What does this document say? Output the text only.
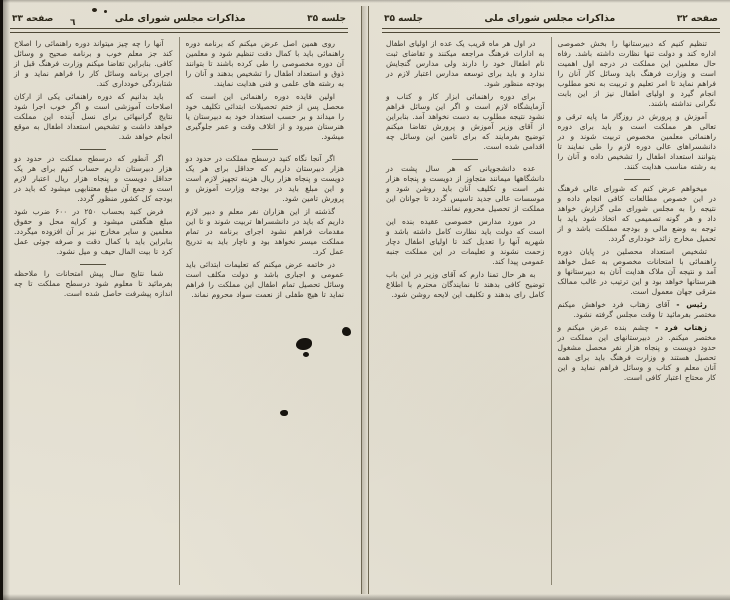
صفحه ۳۲
مذاکرات مجلس شورای ملی
جلسه ۳۵

تنظیم کنیم که دبیرستانها را بخش خصوصی اداره کند و دولت تنها نظارت داشته باشد. رفاه حال معلمین این مملکت در درجه اول اهمیت است و وزارت فرهنگ باید وسائل کار آنان را فراهم نماید تا امر تعلیم و تربیت به نحو مطلوب انجام گیرد و اولیای اطفال نیز از این بابت نگرانی نداشته باشند.

آموزش و پرورش در روزگار ما پایه ترقی و تعالی هر مملکت است و باید برای دوره راهنمائی معلمین مخصوص تربیت شوند و در دانشسراهای عالی دوره لازم را طی نمایند تا بتوانند استعداد اطفال را تشخیص داده و آنان را به رشته مناسب هدایت کنند.

میخواهم عرض کنم که شورای عالی فرهنگ در این خصوص مطالعات کافی انجام داده و نتیجه را به مجلس شورای ملی گزارش خواهد داد و هر گونه تصمیمی که اتخاذ شود باید با توجه به وضع مالی و بودجه مملکت باشد و از تحمیل مخارج زائد خودداری گردد.

تشخیص استعداد محصلین در پایان دوره راهنمائی با امتحانات مخصوص به عمل خواهد آمد و نتیجه آن ملاک هدایت آنان به دبیرستانها و هنرستانها خواهد بود و این ترتیب در غالب ممالک مترقی جهان معمول است.

رئیس - آقای زهتاب فرد خواهش میکنم مختصر بفرمائید تا وقت مجلس گرفته نشود.

زهتاب فرد - چشم بنده عرض میکنم و مختصر میکنم. در دبیرستانهای این مملکت در حدود دویست و پنجاه هزار نفر محصل مشغول تحصیل هستند و وزارت فرهنگ باید برای همه آنان معلم و کتاب و وسائل فراهم نماید و این کار محتاج اعتبار کافی است.

در اول هر ماه قریب یک عده از اولیای اطفال به ادارات فرهنگ مراجعه میکنند و تقاضای ثبت نام اطفال خود را دارند ولی مدارس گنجایش ندارد و باید برای توسعه مدارس اعتبار لازم در بودجه منظور شود.

برای دوره راهنمائی ابزار کار و کتاب و آزمایشگاه لازم است و اگر این وسائل فراهم نشود نتیجه مطلوب به دست نخواهد آمد. بنابراین از آقای وزیر آموزش و پرورش تقاضا میکنم توضیح بفرمایند که برای تامین این وسائل چه اقدامی شده است.

عده دانشجویانی که هر سال پشت در دانشگاهها میمانند متجاوز از دویست و پنجاه هزار نفر است و تکلیف آنان باید روشن شود و موسسات عالی جدید تاسیس گردد تا جوانان این مملکت از تحصیل محروم نمانند.

در مورد مدارس خصوصی عقیده بنده این است که دولت باید نظارت کامل داشته باشد و شهریه آنها را تعدیل کند تا اولیای اطفال دچار زحمت نشوند و تعلیمات در این مملکت جنبه عمومی پیدا کند.

به هر حال تمنا دارم که آقای وزیر در این باب توضیح کافی بدهند تا نمایندگان محترم با اطلاع کامل رای بدهند و تکلیف این لایحه روشن شود.

جلسه ۳۵
مذاکرات مجلس شورای ملی
صفحه ۳۳ ٦

روی همین اصل عرض میکنم که برنامه دوره راهنمائی باید با کمال دقت تنظیم شود و معلمین آن دوره مخصوصی را طی کرده باشند تا بتوانند ذوق و استعداد اطفال را تشخیص بدهند و آنان را به رشته های علمی و فنی هدایت نمایند.

اولین فایده دوره راهنمائی این است که محصل پس از ختم تحصیلات ابتدائی تکلیف خود را میداند و بر حسب استعداد خود به دبیرستان یا هنرستان میرود و از اتلاف وقت و عمر جلوگیری میشود.

اگر آنجا نگاه کنید درسطح مملکت در حدود دو هزار دبیرستان داریم که حداقل برای هر یک دویست و پنجاه هزار ریال هزینه تجهیز لازم است و این مبلغ باید در بودجه وزارت آموزش و پرورش تامین شود.

گذشته از این هزاران نفر معلم و دبیر لازم داریم که باید در دانشسراها تربیت شوند و تا این مقدمات فراهم نشود اجرای برنامه در تمام مملکت میسر نخواهد بود و ناچار باید به تدریج عمل کرد.

در خاتمه عرض میکنم که تعلیمات ابتدائی باید عمومی و اجباری باشد و دولت مکلف است وسائل تحصیل تمام اطفال این مملکت را فراهم نماید تا هیچ طفلی از نعمت سواد محروم نماند.

آنها را چه چیز میتواند دوره راهنمائی را اصلاح کند جز معلم خوب و برنامه صحیح و وسائل کافی. بنابراین تقاضا میکنم وزارت فرهنگ قبل از اجرای برنامه وسائل کار را فراهم نماید و از شتابزدگی خودداری کند.

باید بدانیم که دوره راهنمائی یکی از ارکان اصلاحات آموزشی است و اگر خوب اجرا شود نتایج گرانبهائی برای نسل آینده این مملکت خواهد داشت و تشخیص استعداد اطفال به موقع انجام خواهد شد.

اگر آنطور که درسطح مملکت در حدود دو هزار دبیرستان داریم حساب کنیم برای هر یک حداقل دویست و پنجاه هزار ریال اعتبار لازم است و جمع آن مبلغ معتنابهی میشود که باید در بودجه کل کشور منظور گردد.

فرض کنید بحساب ۲۵۰ در ۶۰۰ ضرب شود مبلغ هنگفتی میشود و کرایه محل و حقوق معلمین و سایر مخارج نیز بر آن افزوده میگردد. بنابراین باید با کمال دقت و صرفه جوئی عمل کرد تا بیت المال حیف و میل نشود.

شما نتایج سال پیش امتحانات را ملاحظه بفرمائید تا معلوم شود درسطح مملکت تا چه اندازه پیشرفت حاصل شده است.
